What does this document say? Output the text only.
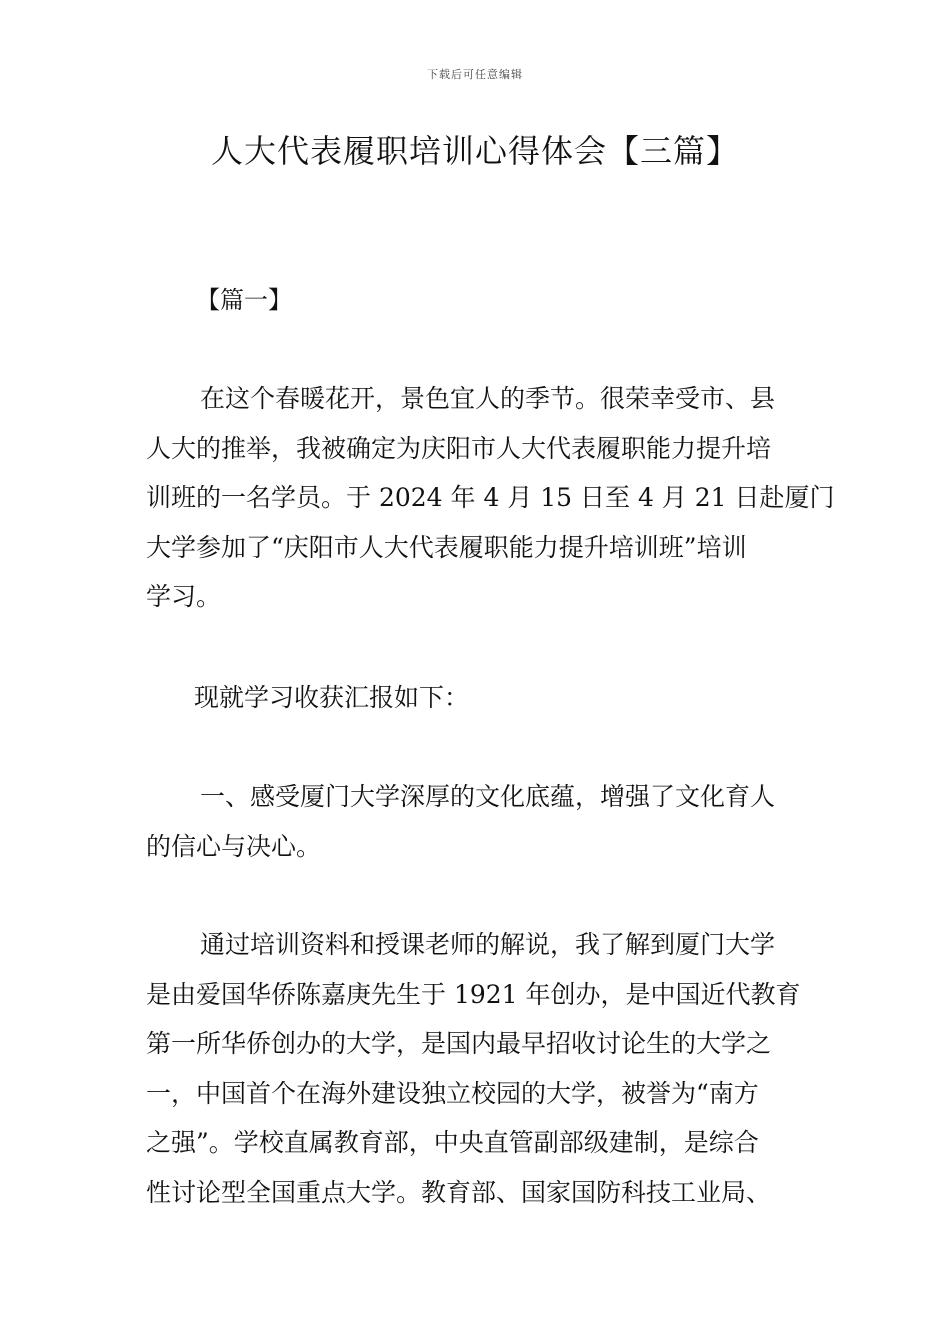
下载后可任意编辑
人大代表履职培训心得体会【三篇】
【篇一】
在这个春暖花开，景色宜人的季节。很荣幸受市、县
人大的推举，我被确定为庆阳市人大代表履职能力提升培
训班的一名学员。于 2024 年 4 月 15 日至 4 月 21 日赴厦门
大学参加了“庆阳市人大代表履职能力提升培训班”培训
学习。
现就学习收获汇报如下：
一、感受厦门大学深厚的文化底蕴，增强了文化育人
的信心与决心。
通过培训资料和授课老师的解说，我了解到厦门大学
是由爱国华侨陈嘉庚先生于 1921 年创办，是中国近代教育
第一所华侨创办的大学，是国内最早招收讨论生的大学之
一，中国首个在海外建设独立校园的大学，被誉为“南方
之强”。学校直属教育部，中央直管副部级建制，是综合
性讨论型全国重点大学。教育部、国家国防科技工业局、
